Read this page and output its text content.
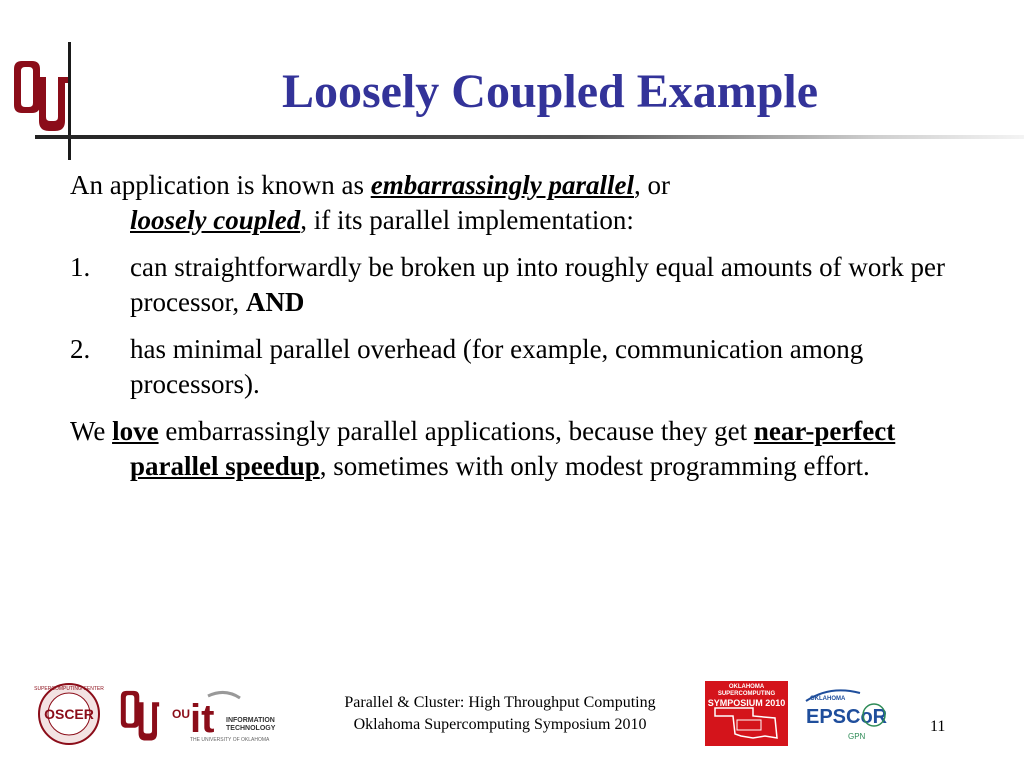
Loosely Coupled Example
An application is known as embarrassingly parallel, or
loosely coupled, if its parallel implementation:
1. can straightforwardly be broken up into roughly equal amounts of work per processor, AND
2. has minimal parallel overhead (for example, communication among processors).
We love embarrassingly parallel applications, because they get near-perfect parallel speedup, sometimes with only modest programming effort.
SUPERCOMPUTING CENTER
OSCER	OU it INFORMATION
TECHNOLOGY
THE UNIVERSITY OF OKLAHOMA
Parallel & Cluster: High Throughput Computing
Oklahoma Supercomputing Symposium 2010
OKLAHOMA SUPERCOMPUTING
SYMPOSIUM 2010	OKLAHOMA
EPSCoR
GPN
11
